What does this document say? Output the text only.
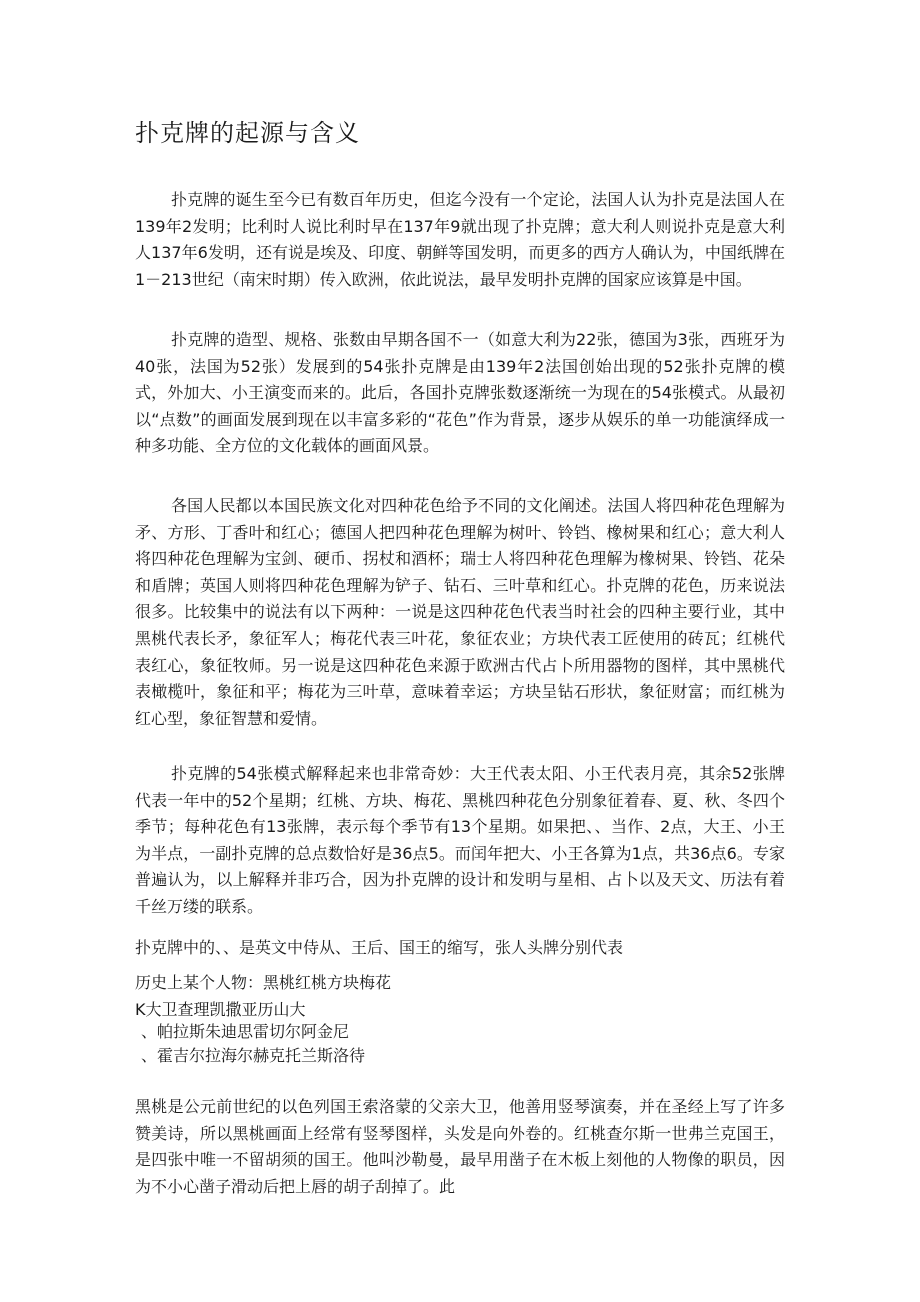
扑克牌的起源与含义

扑克牌的诞生至今已有数百年历史，但迄今没有一个定论，法国人认为扑克是法国人在139年2发明；比利时人说比利时早在137年9就出现了扑克牌；意大利人则说扑克是意大利人137年6发明，还有说是埃及、印度、朝鲜等国发明，而更多的西方人确认为，中国纸牌在1－213世纪（南宋时期）传入欧洲，依此说法，最早发明扑克牌的国家应该算是中国。

扑克牌的造型、规格、张数由早期各国不一（如意大利为22张，德国为3张，西班牙为40张，法国为52张）发展到的54张扑克牌是由139年2法国创始出现的52张扑克牌的模式，外加大、小王演变而来的。此后，各国扑克牌张数逐渐统一为现在的54张模式。从最初以“点数”的画面发展到现在以丰富多彩的“花色”作为背景，逐步从娱乐的单一功能演绎成一种多功能、全方位的文化载体的画面风景。

各国人民都以本国民族文化对四种花色给予不同的文化阐述。法国人将四种花色理解为矛、方形、丁香叶和红心；德国人把四种花色理解为树叶、铃铛、橡树果和红心；意大利人将四种花色理解为宝剑、硬币、拐杖和酒杯；瑞士人将四种花色理解为橡树果、铃铛、花朵和盾牌；英国人则将四种花色理解为铲子、钻石、三叶草和红心。扑克牌的花色，历来说法很多。比较集中的说法有以下两种：一说是这四种花色代表当时社会的四种主要行业，其中黑桃代表长矛，象征军人；梅花代表三叶花，象征农业；方块代表工匠使用的砖瓦；红桃代表红心，象征牧师。另一说是这四种花色来源于欧洲古代占卜所用器物的图样，其中黑桃代表橄榄叶，象征和平；梅花为三叶草，意味着幸运；方块呈钻石形状，象征财富；而红桃为红心型，象征智慧和爱情。

扑克牌的54张模式解释起来也非常奇妙：大王代表太阳、小王代表月亮，其余52张牌代表一年中的52个星期；红桃、方块、梅花、黑桃四种花色分别象征着春、夏、秋、冬四个季节；每种花色有13张牌，表示每个季节有13个星期。如果把、、当作、2点，大王、小王为半点，一副扑克牌的总点数恰好是36点5。而闰年把大、小王各算为1点，共36点6。专家普遍认为，以上解释并非巧合，因为扑克牌的设计和发明与星相、占卜以及天文、历法有着千丝万缕的联系。

扑克牌中的、、是英文中侍从、王后、国王的缩写，张人头牌分别代表

历史上某个人物：黑桃红桃方块梅花

K大卫查理凯撒亚历山大

、帕拉斯朱迪思雷切尔阿金尼

、霍吉尔拉海尔赫克托兰斯洛待

黑桃是公元前世纪的以色列国王索洛蒙的父亲大卫，他善用竖琴演奏，并在圣经上写了许多赞美诗，所以黑桃画面上经常有竖琴图样，头发是向外卷的。红桃查尔斯一世弗兰克国王，是四张中唯一不留胡须的国王。他叫沙勒曼，最早用凿子在木板上刻他的人物像的职员，因为不小心凿子滑动后把上唇的胡子刮掉了。此
